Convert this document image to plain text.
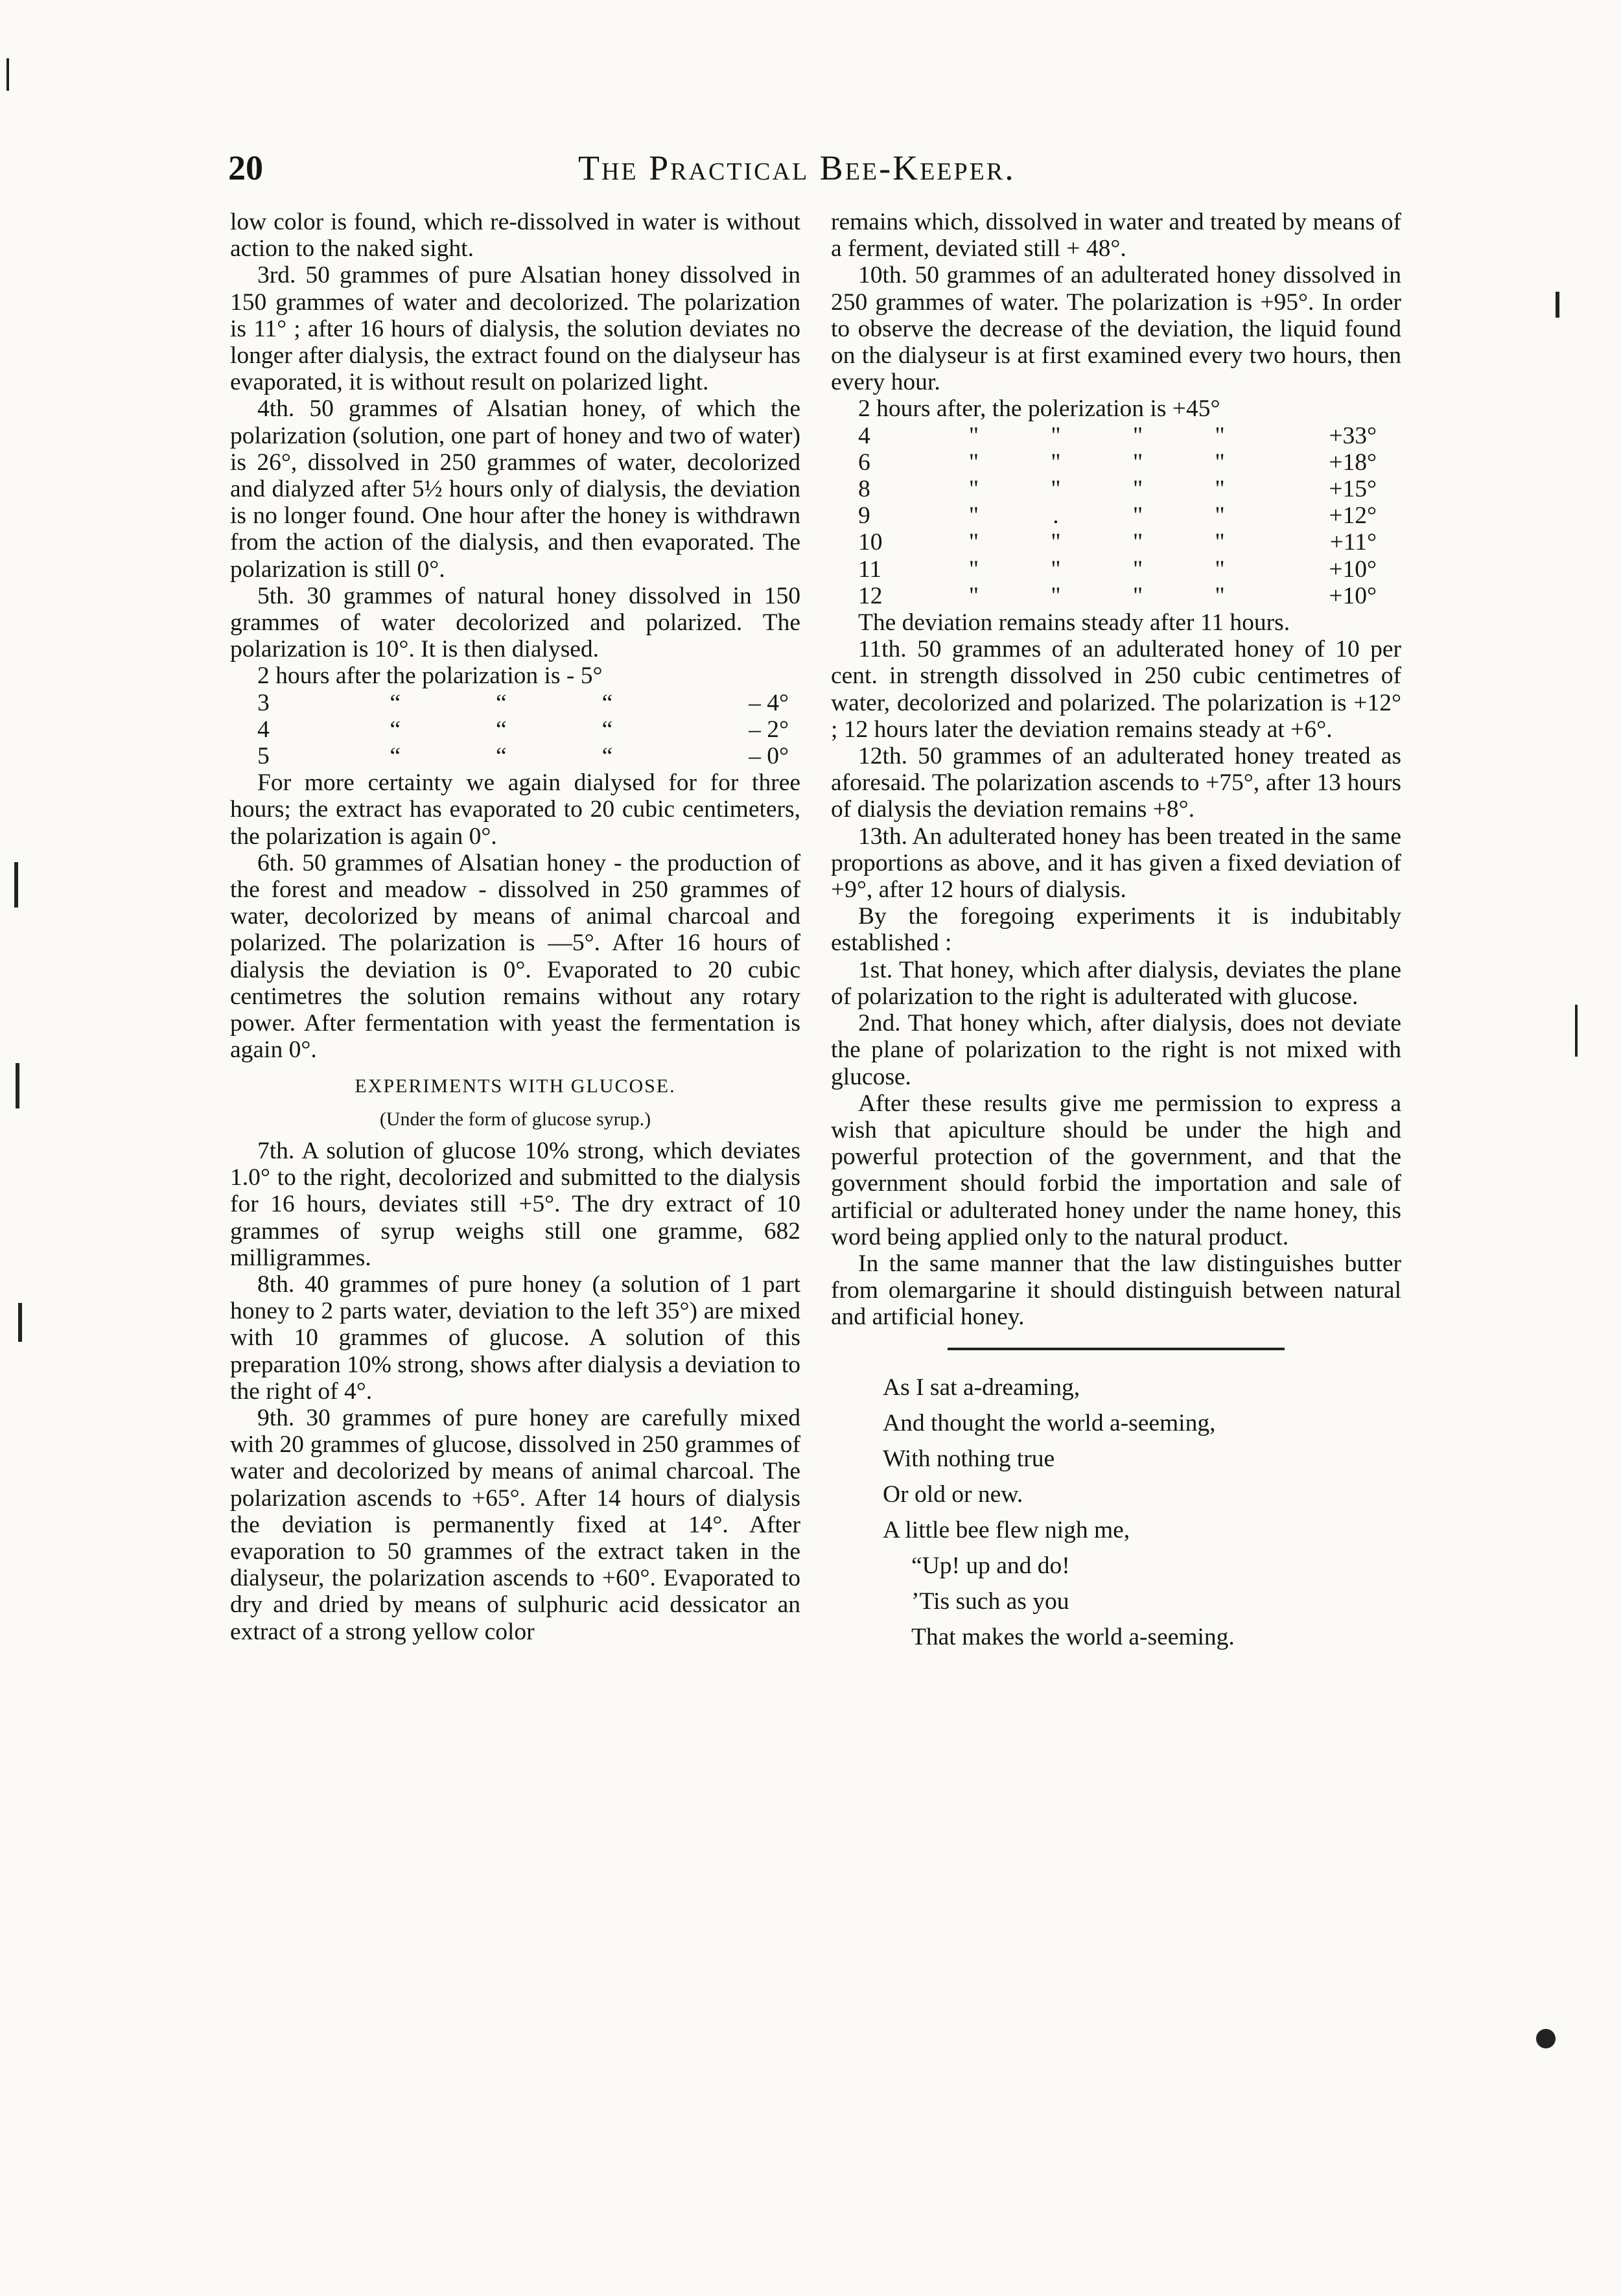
20	The Practical Bee-Keeper.

low color is found, which re-dissolved in water is without action to the naked sight.

3rd. 50 grammes of pure Alsatian honey dissolved in 150 grammes of water and decolorized. The polarization is 11° ; after 16 hours of dialysis, the solution deviates no longer after dialysis, the extract found on the dialyseur has evaporated, it is without result on polarized light.

4th. 50 grammes of Alsatian honey, of which the polarization (solution, one part of honey and two of water) is 26°, dissolved in 250 grammes of water, decolorized and dialyzed after 5½ hours only of dialysis, the deviation is no longer found. One hour after the honey is withdrawn from the action of the dialysis, and then evaporated. The polarization is still 0°.

5th. 30 grammes of natural honey dissolved in 150 grammes of water decolorized and polarized. The polarization is 10°. It is then dialysed.

2 hours after the polarization is - 5°				
3	“	“	“	– 4°
4	“	“	“	– 2°
5	“	“	“	– 0°

For more certainty we again dialysed for for three hours; the extract has evaporated to 20 cubic centimeters, the polarization is again 0°.

6th. 50 grammes of Alsatian honey - the production of the forest and meadow - dissolved in 250 grammes of water, decolorized by means of animal charcoal and polarized. The polarization is —5°. After 16 hours of dialysis the deviation is 0°. Evaporated to 20 cubic centimetres the solution remains without any rotary power. After fermentation with yeast the fermentation is again 0°.

EXPERIMENTS WITH GLUCOSE.
(Under the form of glucose syrup.)

7th. A solution of glucose 10% strong, which deviates 1.0° to the right, decolorized and submitted to the dialysis for 16 hours, deviates still +5°. The dry extract of 10 grammes of syrup weighs still one gramme, 682 milligrammes.

8th. 40 grammes of pure honey (a solution of 1 part honey to 2 parts water, deviation to the left 35°) are mixed with 10 grammes of glucose. A solution of this preparation 10% strong, shows after dialysis a deviation to the right of 4°.

9th. 30 grammes of pure honey are carefully mixed with 20 grammes of glucose, dissolved in 250 grammes of water and decolorized by means of animal charcoal. The polarization ascends to +65°. After 14 hours of dialysis the deviation is permanently fixed at 14°. After evaporation to 50 grammes of the extract taken in the dialyseur, the polarization ascends to +60°. Evaporated to dry and dried by means of sulphuric acid dessicator an extract of a strong yellow color

remains which, dissolved in water and treated by means of a ferment, deviated still + 48°.

10th. 50 grammes of an adulterated honey dissolved in 250 grammes of water. The polarization is +95°. In order to observe the decrease of the deviation, the liquid found on the dialyseur is at first examined every two hours, then every hour.

2 hours after, the polerization is +45°					
4	"	"	"	"	+33°
6	"	"	"	"	+18°
8	"	"	"	"	+15°
9	"	.	"	"	+12°
10	"	"	"	"	+11°
11	"	"	"	"	+10°
12	"	"	"	"	+10°

The deviation remains steady after 11 hours.

11th. 50 grammes of an adulterated honey of 10 per cent. in strength dissolved in 250 cubic centimetres of water, decolorized and polarized. The polarization is +12° ; 12 hours later the deviation remains steady at +6°.

12th. 50 grammes of an adulterated honey treated as aforesaid. The polarization ascends to +75°, after 13 hours of dialysis the deviation remains +8°.

13th. An adulterated honey has been treated in the same proportions as above, and it has given a fixed deviation of +9°, after 12 hours of dialysis.

By the foregoing experiments it is indubitably established :

1st. That honey, which after dialysis, deviates the plane of polarization to the right is adulterated with glucose.

2nd. That honey which, after dialysis, does not deviate the plane of polarization to the right is not mixed with glucose.

After these results give me permission to express a wish that apiculture should be under the high and powerful protection of the government, and that the government should forbid the importation and sale of artificial or adulterated honey under the name honey, this word being applied only to the natural product.

In the same manner that the law distinguishes butter from olemargarine it should distinguish between natural and artificial honey.

As I sat a-dreaming,
And thought the world a-seeming,
With nothing true
Or old or new.
A little bee flew nigh me,
“Up! up and do!
’Tis such as you
That makes the world a-seeming.
